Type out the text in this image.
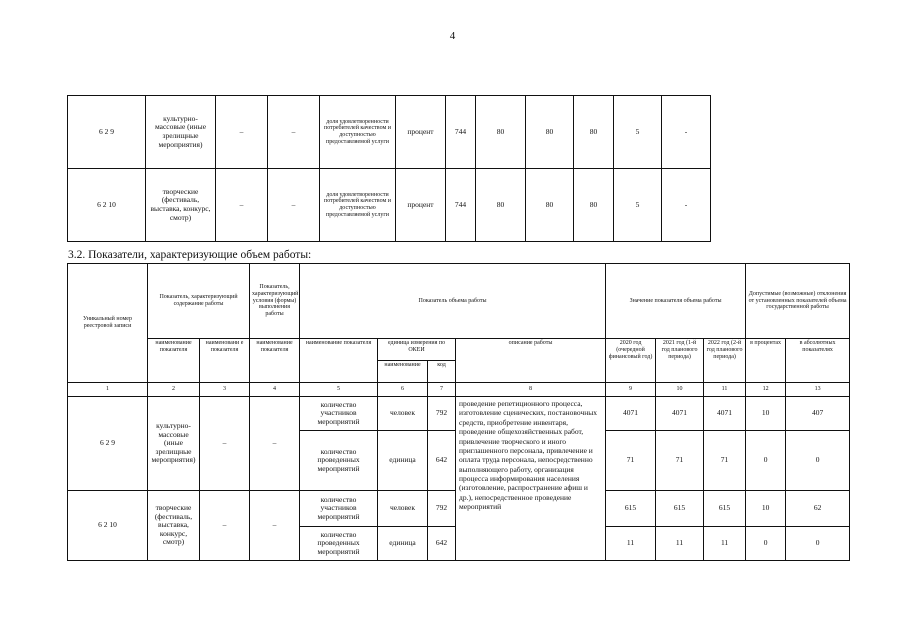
4
6 2 9	культурно-массовые (иные зрелищные мероприятия)	–	–	доля удовлетворенности потребителей качеством и доступностью предоставляемой услуги	процент	744	80	80	80	5	-
6 2 10	творческие (фестиваль, выставка, конкурс, смотр)	–	–	доля удовлетворенности потребителей качеством и доступностью предоставляемой услуги	процент	744	80	80	80	5	-
3.2. Показатели, характеризующие объем работы:
Уникальный номер реестровой записи	Показатель, характеризующий содержание работы		Показатель, характеризующий условия (формы) выполнения работы	Показатель объема работы				Значение показателя объема работы			Допустимые (возможные) отклонения от установленных показателей объема государственной работы	
	наименование показателя	наименовани е показателя	наименование показателя	наименование показателя	единица измерения по ОКЕИ		описание работы	2020 год (очередной финансовый год)	2021 год (1-й год планового периода)	2022 год (2-й год планового периода)	в процентах	в абсолютных показателях
					наименование	код						
1	2	3	4	5	6	7	8	9	10	11	12	13
6 2 9	культурно-массовые (иные зрелищные мероприятия)	–	–	количество участников мероприятий	человек	792	проведение репетиционного процесса, изготовление сценических, постановочных средств, приобретение инвентаря, проведение общехозяйственных работ, привлечение творческого и иного приглашенного персонала, привлечение и оплата труда персонала, непосредственно выполняющего работу, организация процесса информирования населения (изготовление, распространение афиш и др.), непосредственное проведение мероприятий	4071	4071	4071	10	407
				количество проведенных мероприятий	единица	642		71	71	71	0	0
6 2 10	творческие (фестиваль, выставка, конкурс, смотр)	–	–	количество участников мероприятий	человек	792		615	615	615	10	62
				количество проведенных мероприятий	единица	642		11	11	11	0	0
